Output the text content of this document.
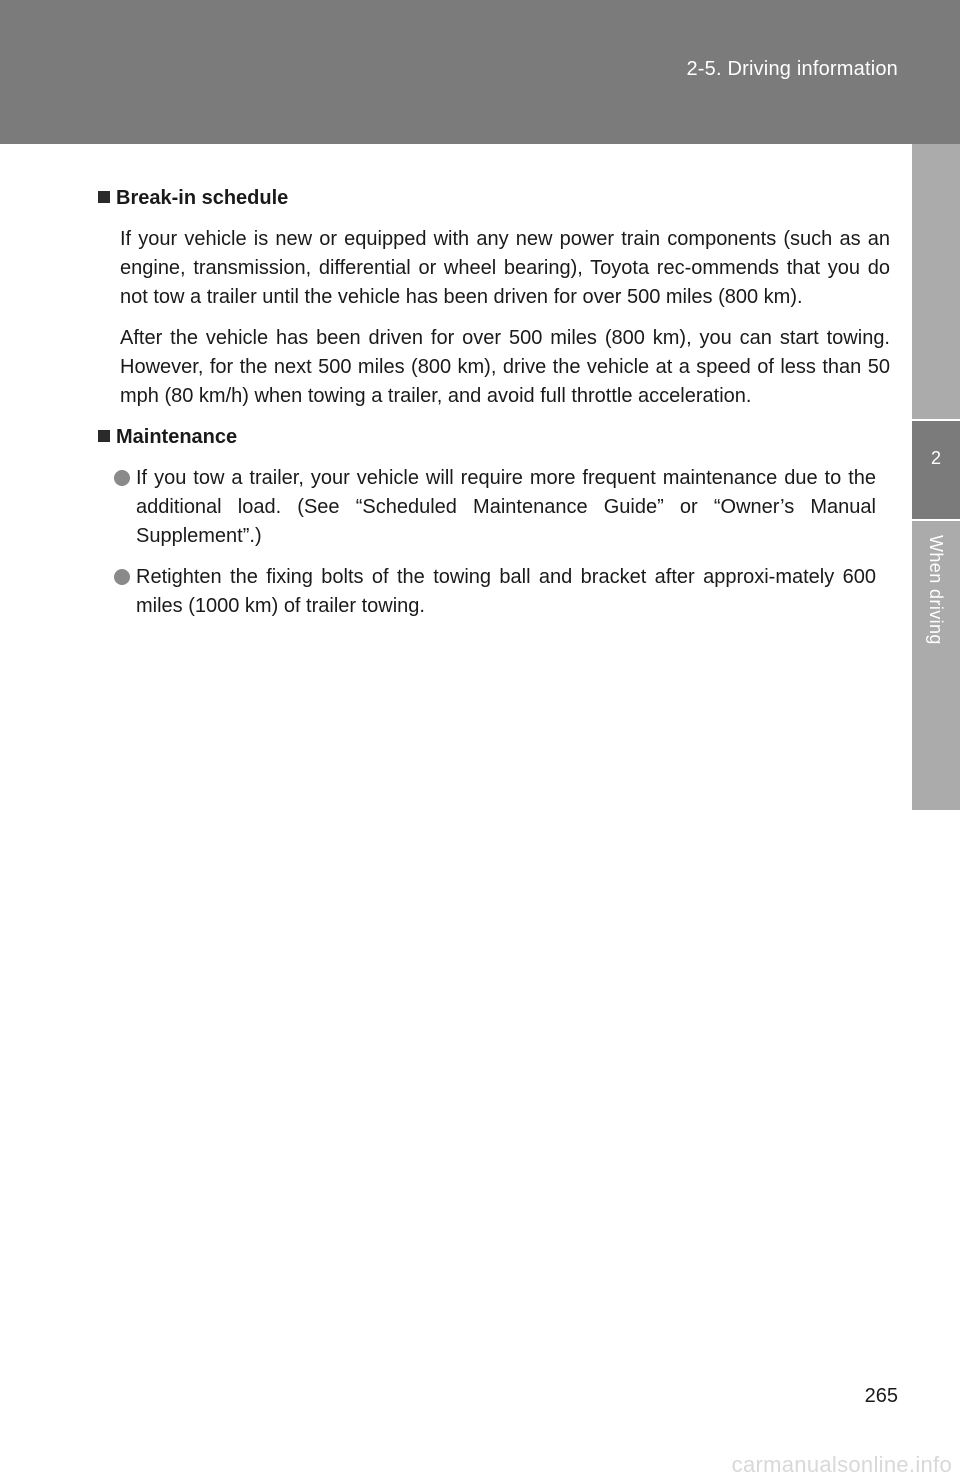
2-5. Driving information
2
When driving
Break-in schedule

If your vehicle is new or equipped with any new power train components (such as an engine, transmission, differential or wheel bearing), Toyota rec-ommends that you do not tow a trailer until the vehicle has been driven for over 500 miles (800 km).

After the vehicle has been driven for over 500 miles (800 km), you can start towing. However, for the next 500 miles (800 km), drive the vehicle at a speed of less than 50 mph (80 km/h) when towing a trailer, and avoid full throttle acceleration.

Maintenance
If you tow a trailer, your vehicle will require more frequent maintenance due to the additional load. (See “Scheduled Maintenance Guide” or “Owner’s Manual Supplement”.)
Retighten the fixing bolts of the towing ball and bracket after approxi-mately 600 miles (1000 km) of trailer towing.
265
carmanualsonline.info
